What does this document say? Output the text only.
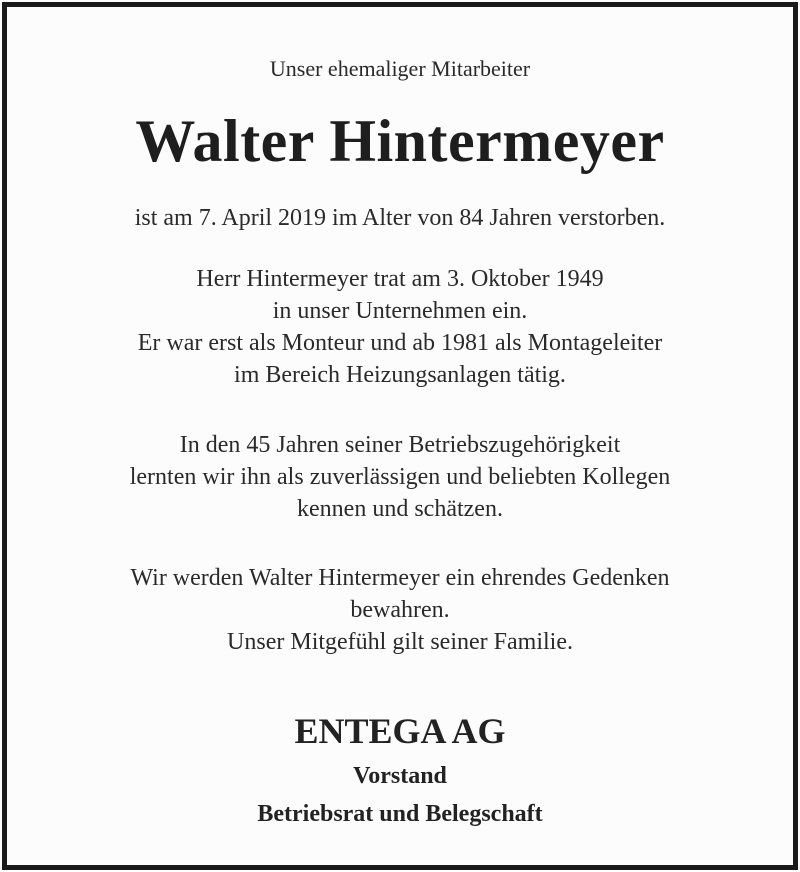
Unser ehemaliger Mitarbeiter
Walter Hintermeyer
ist am 7. April 2019 im Alter von 84 Jahren verstorben.
Herr Hintermeyer trat am 3. Oktober 1949
in unser Unternehmen ein.
Er war erst als Monteur und ab 1981 als Montageleiter
im Bereich Heizungsanlagen tätig.
In den 45 Jahren seiner Betriebszugehörigkeit
lernten wir ihn als zuverlässigen und beliebten Kollegen
kennen und schätzen.
Wir werden Walter Hintermeyer ein ehrendes Gedenken
bewahren.
Unser Mitgefühl gilt seiner Familie.
ENTEGA AG
Vorstand
Betriebsrat und Belegschaft
